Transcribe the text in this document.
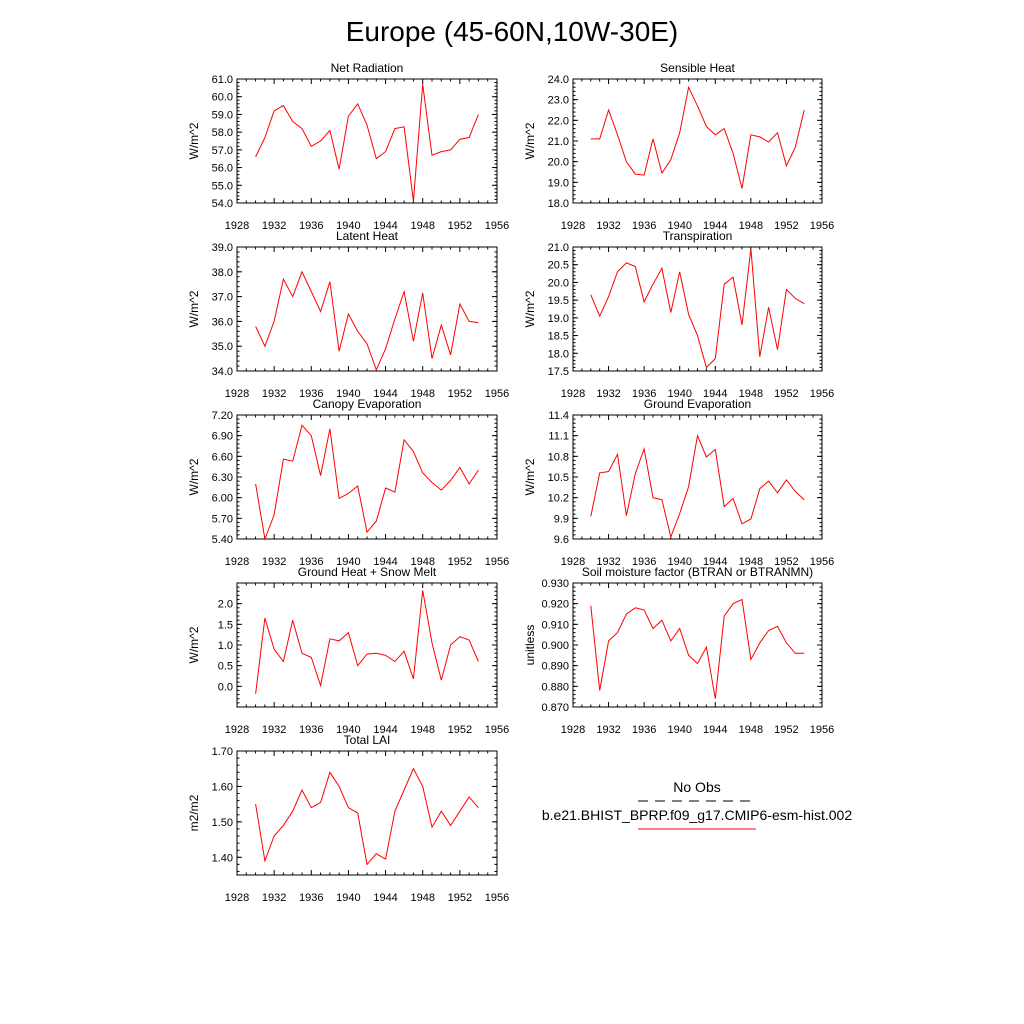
Europe (45-60N,10W-30E)
Net Radiation
W/m^2
1928 1932 1936 1940 1944 1948 1952 1956
54.0
55.0
56.0
57.0
58.0
59.0
60.0
61.0
Sensible Heat
W/m^2
1928 1932 1936 1940 1944 1948 1952 1956
18.0
19.0
20.0
21.0
22.0
23.0
24.0
Latent Heat
W/m^2
1928 1932 1936 1940 1944 1948 1952 1956
34.0
35.0
36.0
37.0
38.0
39.0
Transpiration
W/m^2
1928 1932 1936 1940 1944 1948 1952 1956
17.5
18.0
18.5
19.0
19.5
20.0
20.5
21.0
Canopy Evaporation
W/m^2
1928 1932 1936 1940 1944 1948 1952 1956
5.40
5.70
6.00
6.30
6.60
6.90
7.20
Ground Evaporation
W/m^2
1928 1932 1936 1940 1944 1948 1952 1956
9.6
9.9
10.2
10.5
10.8
11.1
11.4
Ground Heat + Snow Melt
W/m^2
1928 1932 1936 1940 1944 1948 1952 1956
0.0
0.5
1.0
1.5
2.0
Soil moisture factor (BTRAN or BTRANMN)
unitless
1928 1932 1936 1940 1944 1948 1952 1956
0.870
0.880
0.890
0.900
0.910
0.920
0.930
Total LAI
m2/m2
1928 1932 1936 1940 1944 1948 1952 1956
1.40
1.50
1.60
1.70
No Obs
b.e21.BHIST_BPRP.f09_g17.CMIP6-esm-hist.002
